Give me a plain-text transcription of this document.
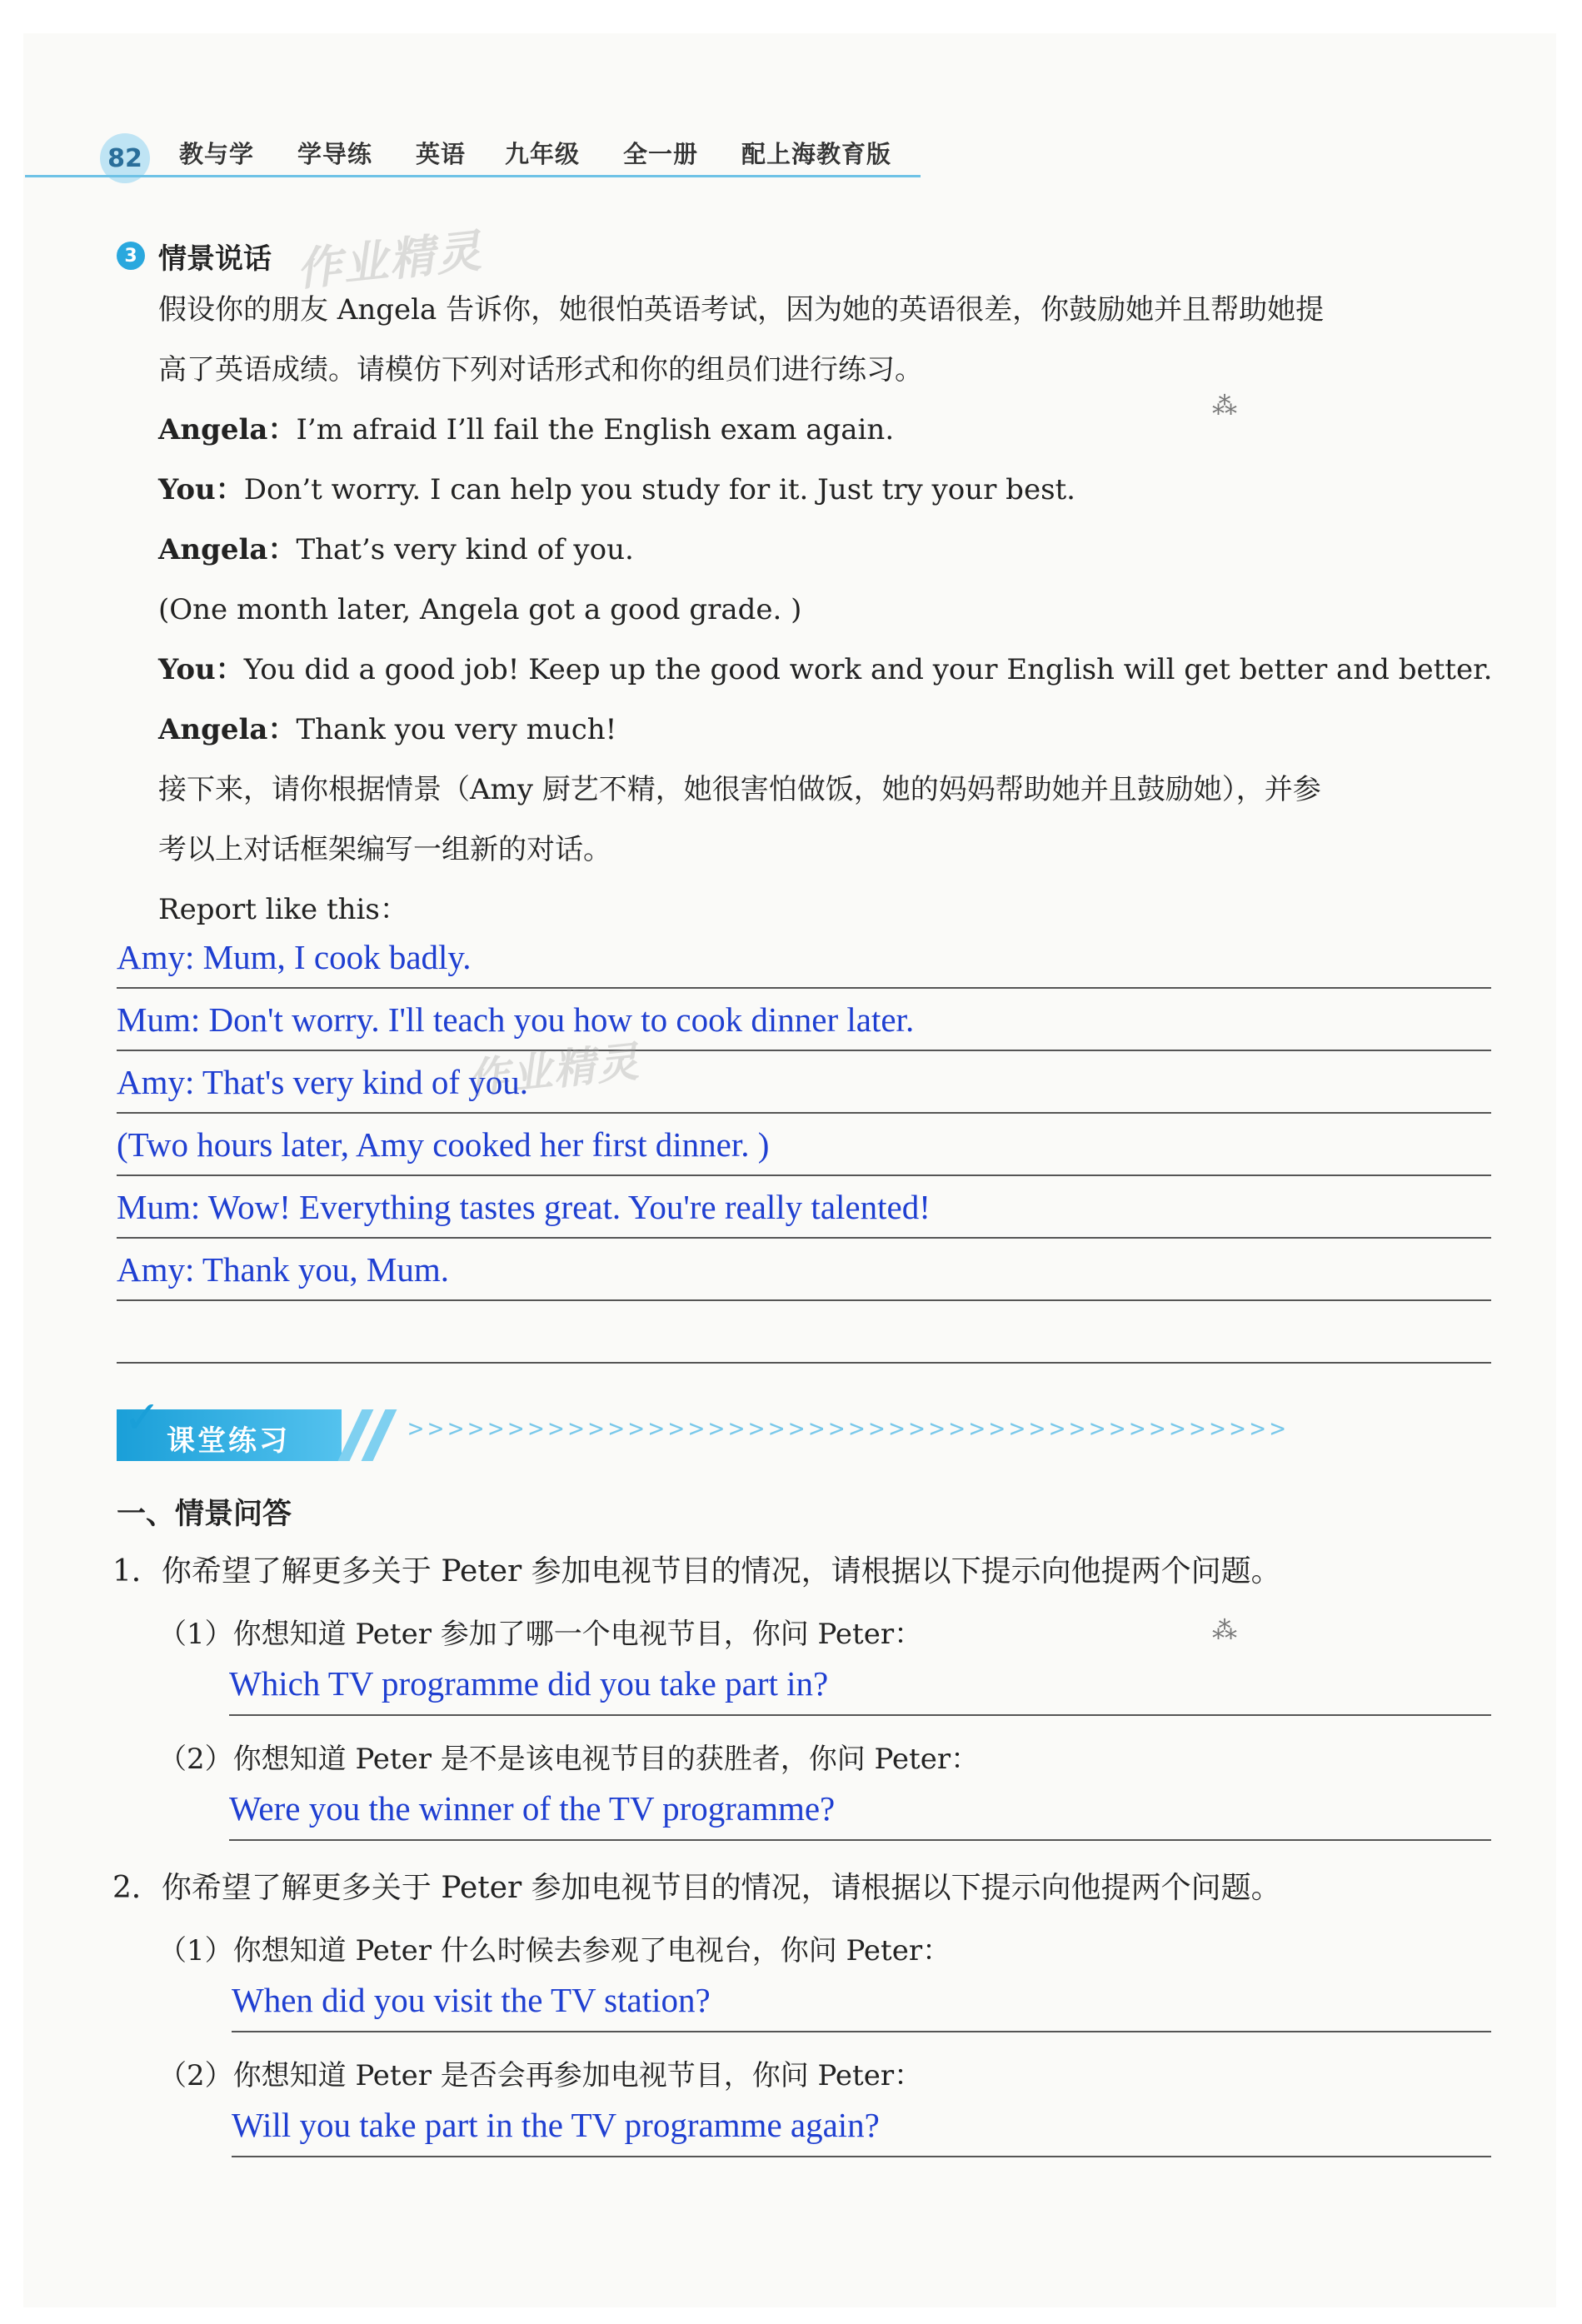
82	教与学 学导练 英语 九年级 全一册 配上海教育版
3 情景说话 作业精灵
假设你的朋友 Angela 告诉你，她很怕英语考试，因为她的英语很差，你鼓励她并且帮助她提
高了英语成绩。请模仿下列对话形式和你的组员们进行练习。
Angela：I’m afraid I’ll fail the English exam again.
You：Don’t worry. I can help you study for it. Just try your best.
Angela：That’s very kind of you.
(One month later, Angela got a good grade. )
You：You did a good job! Keep up the good work and your English will get better and better.
Angela：Thank you very much!
接下来，请你根据情景（Amy 厨艺不精，她很害怕做饭，她的妈妈帮助她并且鼓励她），并参
考以上对话框架编写一组新的对话。
Report like this：
Amy: Mum, I cook badly.
Mum: Don't worry. I'll teach you how to cook dinner later.
作业精灵
Amy: That's very kind of you.
(Two hours later, Amy cooked her first dinner. )
Mum: Wow! Everything tastes great. You're really talented!
Amy: Thank you, Mum.
✓ 课堂练习	>>>>>>>>>>>>>>>>>>>>>>>>>>>>>>>>>>>>>>>>>>>>
一、情景问答
1．你希望了解更多关于 Peter 参加电视节目的情况，请根据以下提示向他提两个问题。
（1）你想知道 Peter 参加了哪一个电视节目，你问 Peter：
Which TV programme did you take part in?
（2）你想知道 Peter 是不是该电视节目的获胜者，你问 Peter：
Were you the winner of the TV programme?
2．你希望了解更多关于 Peter 参加电视节目的情况，请根据以下提示向他提两个问题。
（1）你想知道 Peter 什么时候去参观了电视台，你问 Peter：
When did you visit the TV station?
（2）你想知道 Peter 是否会再参加电视节目，你问 Peter：
Will you take part in the TV programme again?
⁂
⁂
